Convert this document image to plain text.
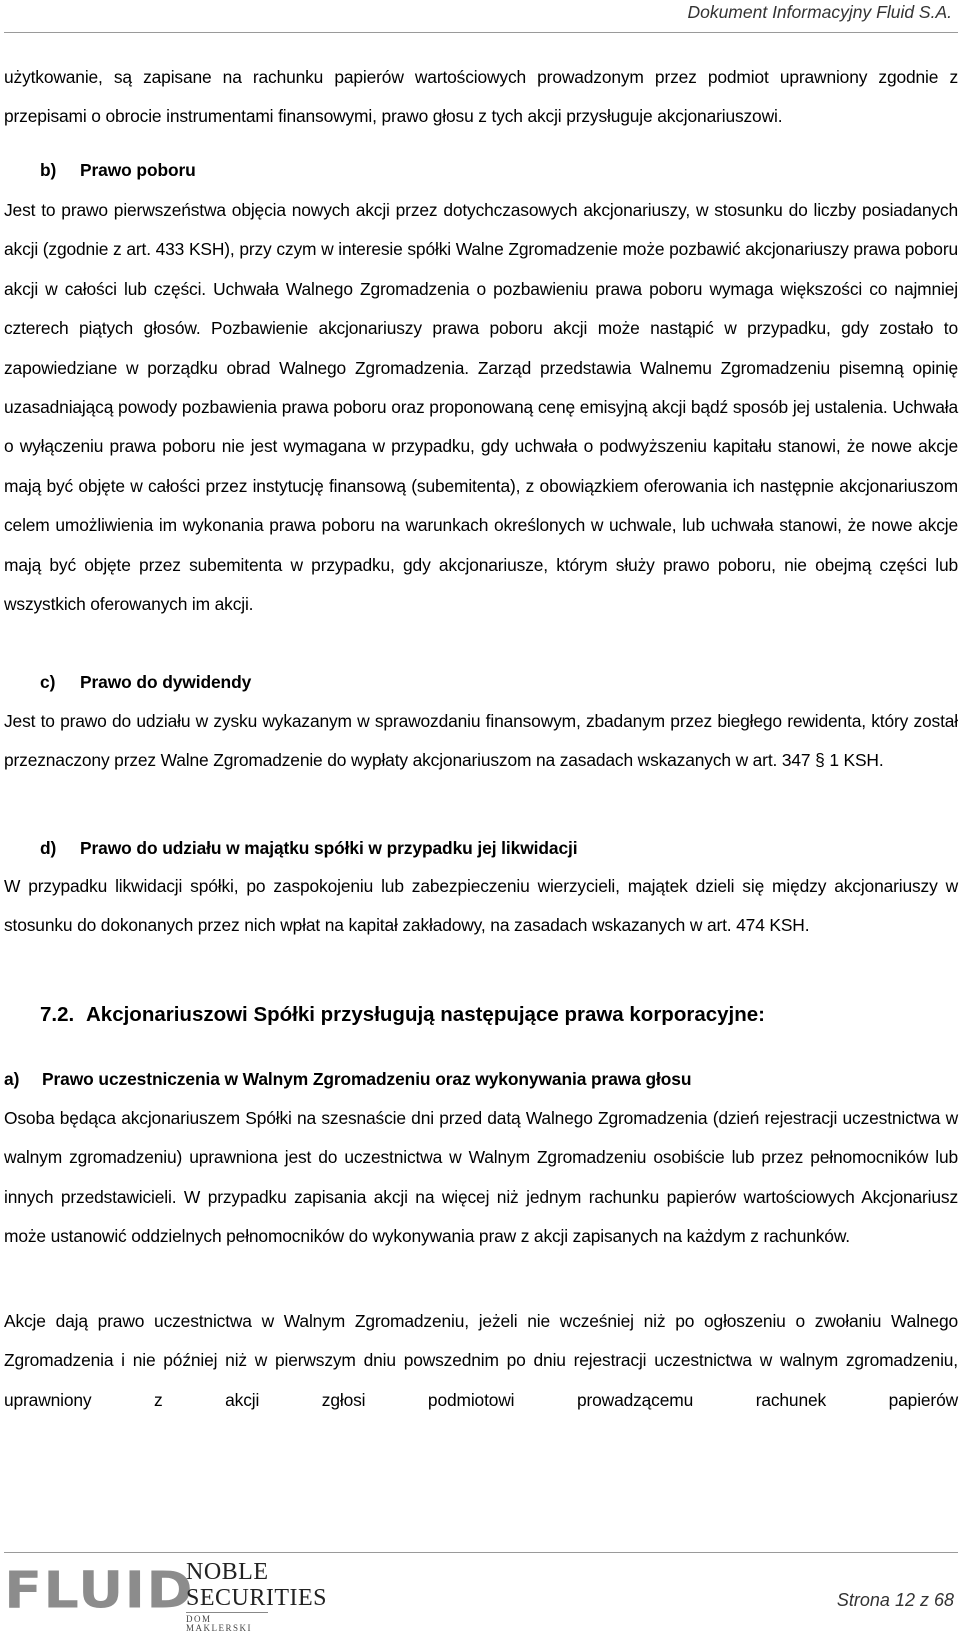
Dokument Informacyjny Fluid S.A.
użytkowanie, są zapisane na rachunku papierów wartościowych prowadzonym przez podmiot uprawniony zgodnie z przepisami o obrocie instrumentami finansowymi, prawo głosu z tych akcji przysługuje akcjonariuszowi.
b) Prawo poboru
Jest to prawo pierwszeństwa objęcia nowych akcji przez dotychczasowych akcjonariuszy, w stosunku do liczby posiadanych akcji (zgodnie z art. 433 KSH), przy czym w interesie spółki Walne Zgromadzenie może pozbawić akcjonariuszy prawa poboru akcji w całości lub części. Uchwała Walnego Zgromadzenia o pozbawieniu prawa poboru wymaga większości co najmniej czterech piątych głosów. Pozbawienie akcjonariuszy prawa poboru akcji może nastąpić w przypadku, gdy zostało to zapowiedziane w porządku obrad Walnego Zgromadzenia. Zarząd przedstawia Walnemu Zgromadzeniu pisemną opinię uzasadniającą powody pozbawienia prawa poboru oraz proponowaną cenę emisyjną akcji bądź sposób jej ustalenia. Uchwała o wyłączeniu prawa poboru nie jest wymagana w przypadku, gdy uchwała o podwyższeniu kapitału stanowi, że nowe akcje mają być objęte w całości przez instytucję finansową (subemitenta), z obowiązkiem oferowania ich następnie akcjonariuszom celem umożliwienia im wykonania prawa poboru na warunkach określonych w uchwale, lub uchwała stanowi, że nowe akcje mają być objęte przez subemitenta w przypadku, gdy akcjonariusze, którym służy prawo poboru, nie obejmą części lub wszystkich oferowanych im akcji.
c) Prawo do dywidendy
Jest to prawo do udziału w zysku wykazanym w sprawozdaniu finansowym, zbadanym przez biegłego rewidenta, który został przeznaczony przez Walne Zgromadzenie do wypłaty akcjonariuszom na zasadach wskazanych w art. 347 § 1 KSH.
d) Prawo do udziału w majątku spółki w przypadku jej likwidacji
W przypadku likwidacji spółki, po zaspokojeniu lub zabezpieczeniu wierzycieli, majątek dzieli się między akcjonariuszy w stosunku do dokonanych przez nich wpłat na kapitał zakładowy, na zasadach wskazanych w art. 474 KSH.
7.2. Akcjonariuszowi Spółki przysługują następujące prawa korporacyjne:
a) Prawo uczestniczenia w Walnym Zgromadzeniu oraz wykonywania prawa głosu
Osoba będąca akcjonariuszem Spółki na szesnaście dni przed datą Walnego Zgromadzenia (dzień rejestracji uczestnictwa w walnym zgromadzeniu) uprawniona jest do uczestnictwa w Walnym Zgromadzeniu osobiście lub przez pełnomocników lub innych przedstawicieli. W przypadku zapisania akcji na więcej niż jednym rachunku papierów wartościowych Akcjonariusz może ustanowić oddzielnych pełnomocników do wykonywania praw z akcji zapisanych na każdym z rachunków.
Akcje dają prawo uczestnictwa w Walnym Zgromadzeniu, jeżeli nie wcześniej niż po ogłoszeniu o zwołaniu Walnego Zgromadzenia i nie później niż w pierwszym dniu powszednim po dniu rejestracji uczestnictwa w walnym zgromadzeniu, uprawniony z akcji zgłosi podmiotowi prowadzącemu rachunek papierów
FLUID
NOBLE
SECURITIES
DOM MAKLERSKI
Strona 12 z 68
